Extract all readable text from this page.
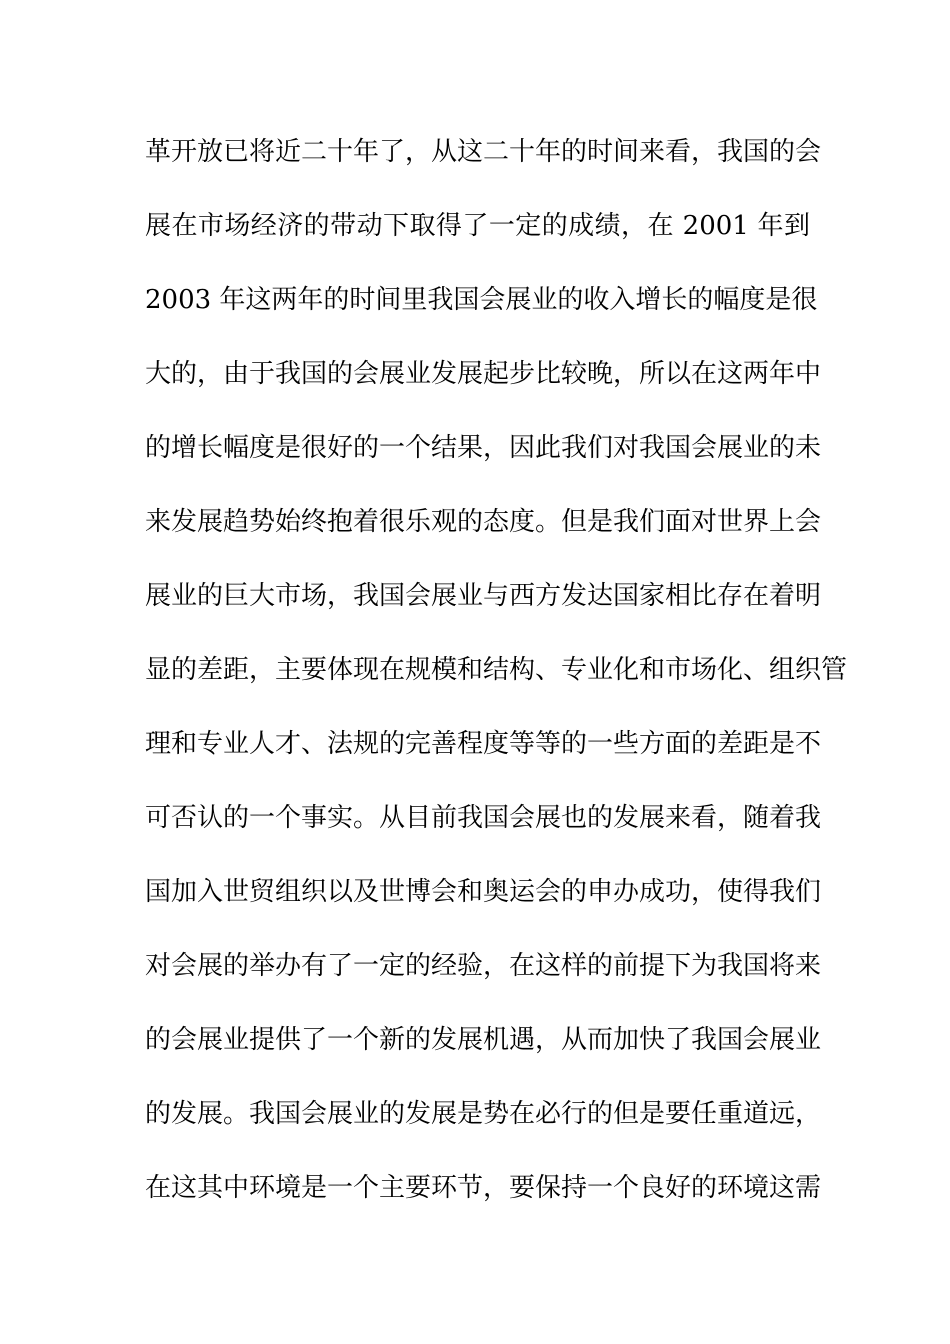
革开放已将近二十年了，从这二十年的时间来看，我国的会
展在市场经济的带动下取得了一定的成绩，在 2001 年到
2003 年这两年的时间里我国会展业的收入增长的幅度是很
大的，由于我国的会展业发展起步比较晚，所以在这两年中
的增长幅度是很好的一个结果，因此我们对我国会展业的未
来发展趋势始终抱着很乐观的态度。但是我们面对世界上会
展业的巨大市场，我国会展业与西方发达国家相比存在着明
显的差距，主要体现在规模和结构、专业化和市场化、组织管
理和专业人才、法规的完善程度等等的一些方面的差距是不
可否认的一个事实。从目前我国会展也的发展来看，随着我
国加入世贸组织以及世博会和奥运会的申办成功，使得我们
对会展的举办有了一定的经验，在这样的前提下为我国将来
的会展业提供了一个新的发展机遇，从而加快了我国会展业
的发展。我国会展业的发展是势在必行的但是要任重道远，
在这其中环境是一个主要环节，要保持一个良好的环境这需
